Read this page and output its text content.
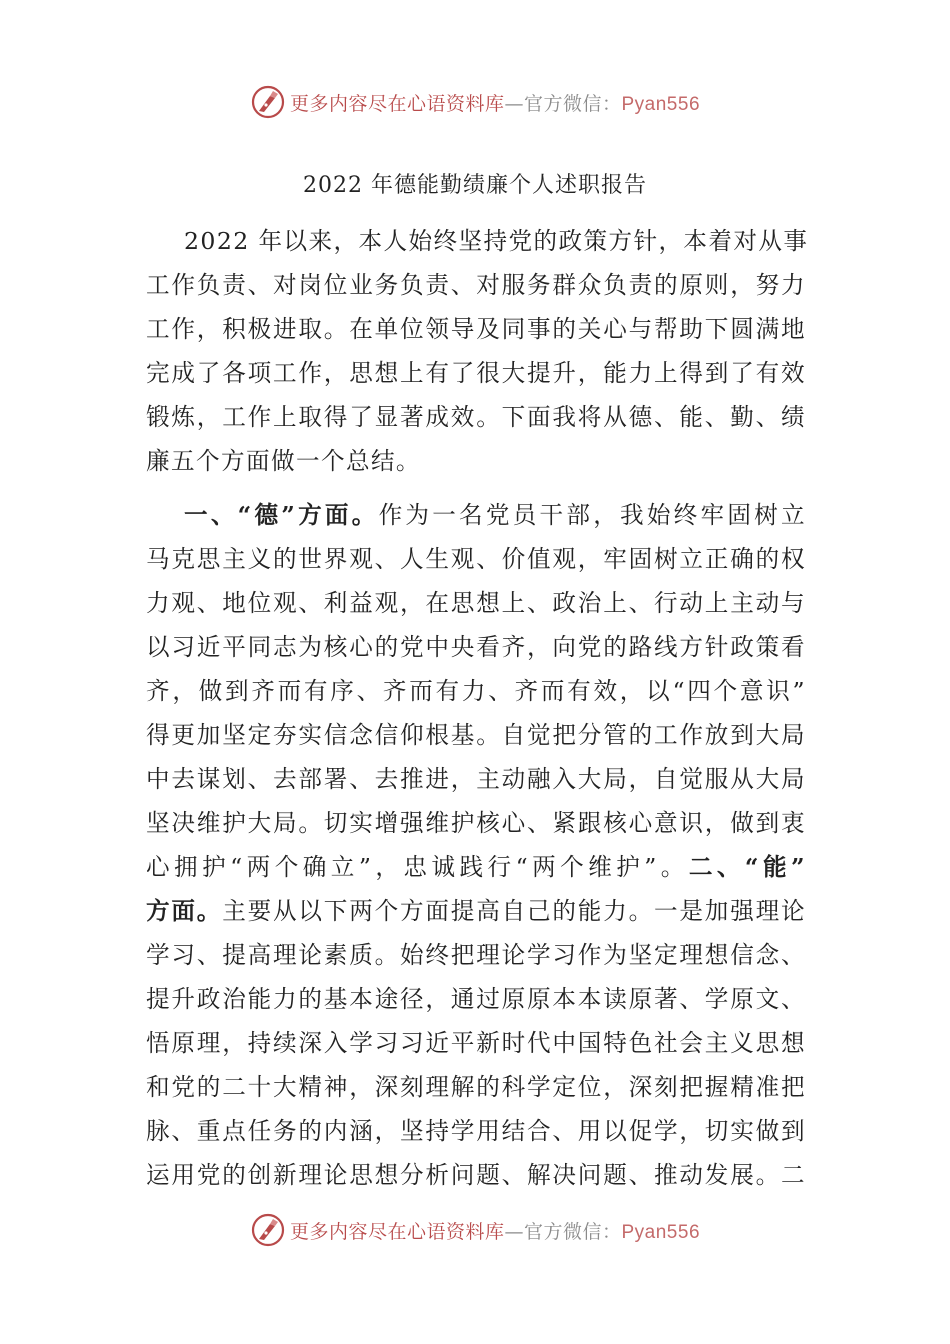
更多内容尽在心语资料库—官方微信：Pyan556
2022 年德能勤绩廉个人述职报告
2022 年以来，本人始终坚持党的政策方针，本着对从事
工作负责、对岗位业务负责、对服务群众负责的原则，努力
工作，积极进取。在单位领导及同事的关心与帮助下圆满地
完成了各项工作，思想上有了很大提升，能力上得到了有效
锻炼，工作上取得了显著成效。下面我将从德、能、勤、绩
廉五个方面做一个总结。
一、“德”方面。作为一名党员干部，我始终牢固树立
马克思主义的世界观、人生观、价值观，牢固树立正确的权
力观、地位观、利益观，在思想上、政治上、行动上主动与
以习近平同志为核心的党中央看齐，向党的路线方针政策看
齐，做到齐而有序、齐而有力、齐而有效，以“四个意识”
得更加坚定夯实信念信仰根基。自觉把分管的工作放到大局
中去谋划、去部署、去推进，主动融入大局，自觉服从大局
坚决维护大局。切实增强维护核心、紧跟核心意识，做到衷
心拥护“两个确立”，忠诚践行“两个维护”。二、“能”
方面。主要从以下两个方面提高自己的能力。一是加强理论
学习、提高理论素质。始终把理论学习作为坚定理想信念、
提升政治能力的基本途径，通过原原本本读原著、学原文、
悟原理，持续深入学习习近平新时代中国特色社会主义思想
和党的二十大精神，深刻理解的科学定位，深刻把握精准把
脉、重点任务的内涵，坚持学用结合、用以促学，切实做到
运用党的创新理论思想分析问题、解决问题、推动发展。二
更多内容尽在心语资料库—官方微信：Pyan556
